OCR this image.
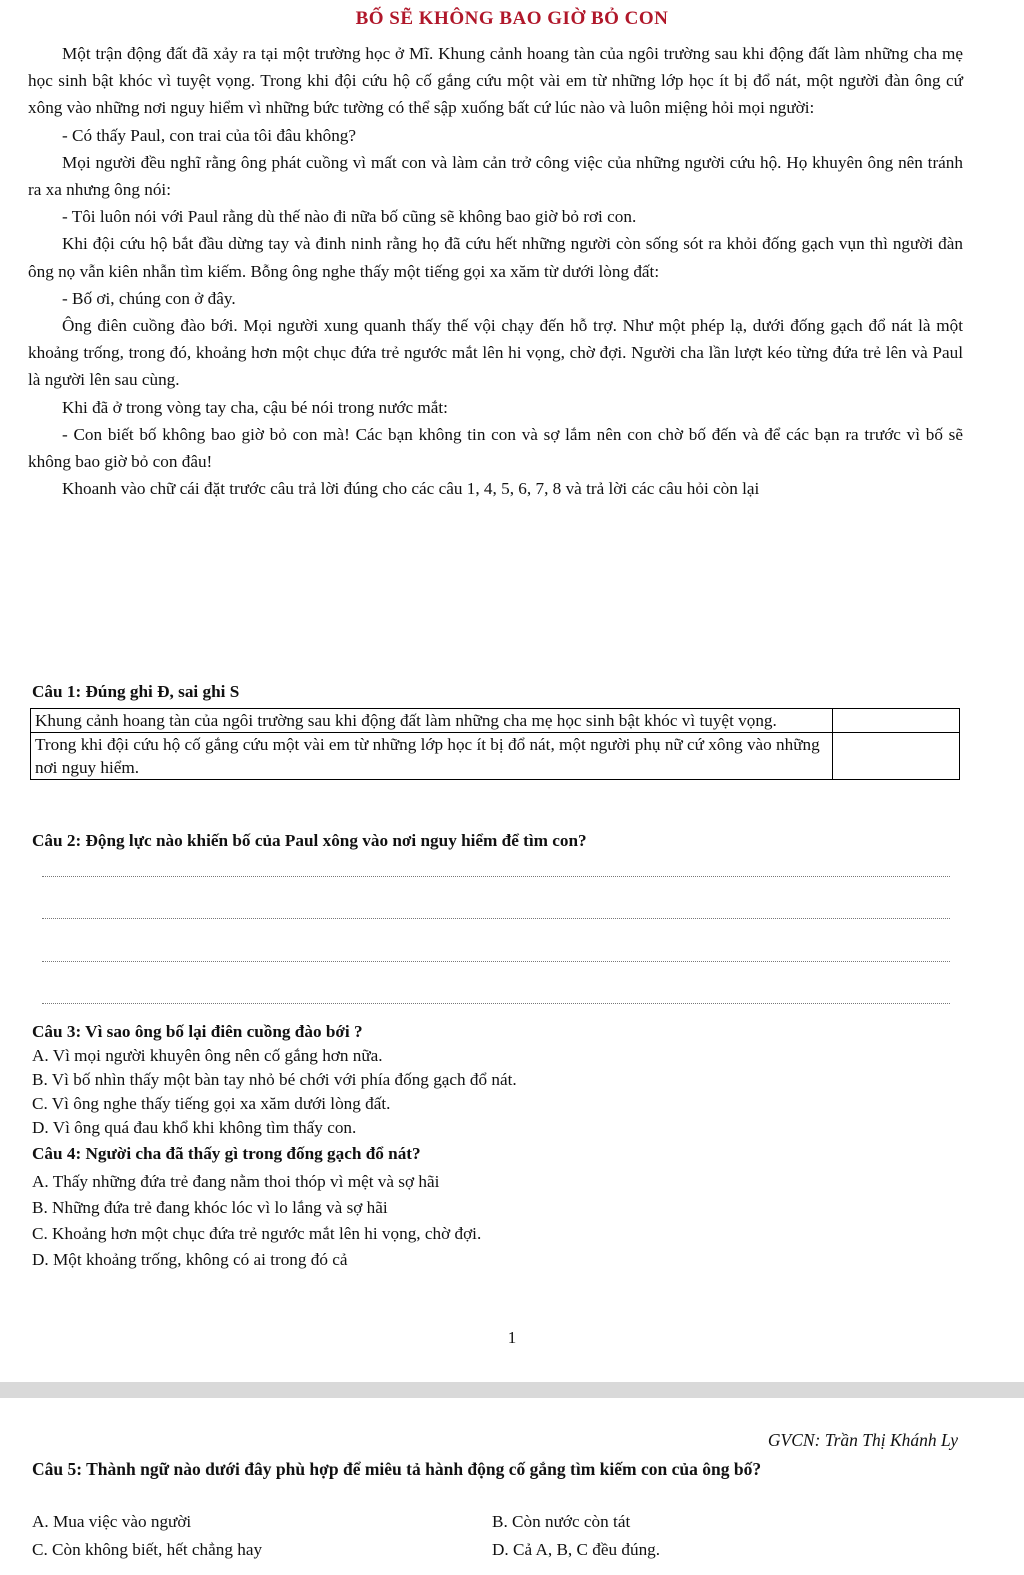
BỐ SẼ KHÔNG BAO GIỜ BỎ CON

Một trận động đất đã xảy ra tại một trường học ở Mĩ. Khung cảnh hoang tàn của ngôi trường sau khi động đất làm những cha mẹ học sinh bật khóc vì tuyệt vọng. Trong khi đội cứu hộ cố gắng cứu một vài em từ những lớp học ít bị đổ nát, một người đàn ông cứ xông vào những nơi nguy hiểm vì những bức tường có thể sập xuống bất cứ lúc nào và luôn miệng hỏi mọi người:

- Có thấy Paul, con trai của tôi đâu không?

Mọi người đều nghĩ rằng ông phát cuồng vì mất con và làm cản trở công việc của những người cứu hộ. Họ khuyên ông nên tránh ra xa nhưng ông nói:

- Tôi luôn nói với Paul rằng dù thế nào đi nữa bố cũng sẽ không bao giờ bỏ rơi con.

Khi đội cứu hộ bắt đầu dừng tay và đinh ninh rằng họ đã cứu hết những người còn sống sót ra khỏi đống gạch vụn thì người đàn ông nọ vẫn kiên nhẫn tìm kiếm. Bỗng ông nghe thấy một tiếng gọi xa xăm từ dưới lòng đất:

- Bố ơi, chúng con ở đây.

Ông điên cuồng đào bới. Mọi người xung quanh thấy thế vội chạy đến hỗ trợ. Như một phép lạ, dưới đống gạch đổ nát là một khoảng trống, trong đó, khoảng hơn một chục đứa trẻ ngước mắt lên hi vọng, chờ đợi. Người cha lần lượt kéo từng đứa trẻ lên và Paul là người lên sau cùng.

Khi đã ở trong vòng tay cha, cậu bé nói trong nước mắt:

- Con biết bố không bao giờ bỏ con mà! Các bạn không tin con và sợ lắm nên con chờ bố đến và để các bạn ra trước vì bố sẽ không bao giờ bỏ con đâu!

Khoanh vào chữ cái đặt trước câu trả lời đúng cho các câu 1, 4, 5, 6, 7, 8 và trả lời các câu hỏi còn lại

Câu 1: Đúng ghi Đ, sai ghi S
Khung cảnh hoang tàn của ngôi trường sau khi động đất làm những cha mẹ học sinh bật khóc vì tuyệt vọng.	
Trong khi đội cứu hộ cố gắng cứu một vài em từ những lớp học ít bị đổ nát, một người phụ nữ cứ xông vào những nơi nguy hiểm.	
Câu 2: Động lực nào khiến bố của Paul xông vào nơi nguy hiểm để tìm con?
Câu 3: Vì sao ông bố lại điên cuồng đào bới ?
A. Vì mọi người khuyên ông nên cố gắng hơn nữa.
B. Vì bố nhìn thấy một bàn tay nhỏ bé chới với phía đống gạch đổ nát.
C. Vì ông nghe thấy tiếng gọi xa xăm dưới lòng đất.
D. Vì ông quá đau khổ khi không tìm thấy con.
Câu 4: Người cha đã thấy gì trong đống gạch đổ nát?
A. Thấy những đứa trẻ đang nằm thoi thóp vì mệt và sợ hãi
B. Những đứa trẻ đang khóc lóc vì lo lắng và sợ hãi
C. Khoảng hơn một chục đứa trẻ ngước mắt lên hi vọng, chờ đợi.
D. Một khoảng trống, không có ai trong đó cả
1
GVCN: Trần Thị Khánh Ly
Câu 5: Thành ngữ nào dưới đây phù hợp để miêu tả hành động cố gắng tìm kiếm con của ông bố?
A. Mua việc vào người	B. Còn nước còn tát
C. Còn không biết, hết chẳng hay	D. Cả A, B, C đều đúng.
